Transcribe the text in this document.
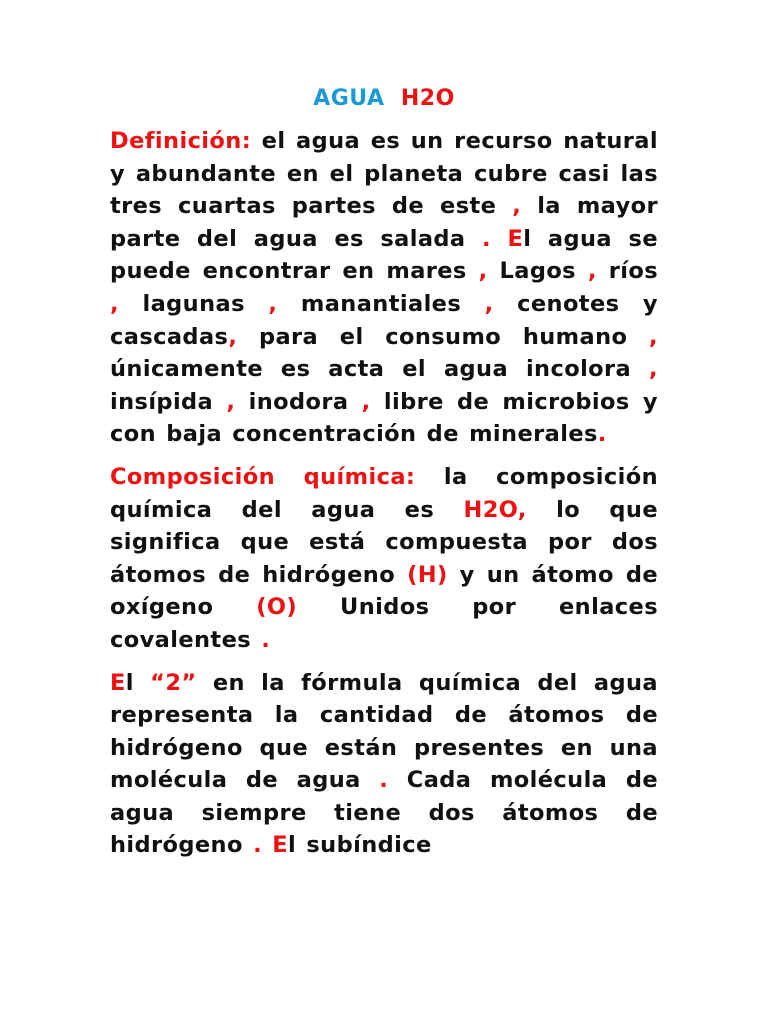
AGUA H2O

Definición: el agua es un recurso natural y abundante en el planeta cubre casi las tres cuartas partes de este , la mayor parte del agua es salada . El agua se puede encontrar en mares , Lagos , ríos , lagunas , manantiales , cenotes y cascadas, para el consumo humano , únicamente es acta el agua incolora , insípida , inodora , libre de microbios y con baja concentración de minerales.

Composición química: la composición química del agua es H2O, lo que significa que está compuesta por dos átomos de hidrógeno (H) y un átomo de oxígeno (O) Unidos por enlaces covalentes .

El “2” en la fórmula química del agua representa la cantidad de átomos de hidrógeno que están presentes en una molécula de agua . Cada molécula de agua siempre tiene dos átomos de hidrógeno . El subíndice
